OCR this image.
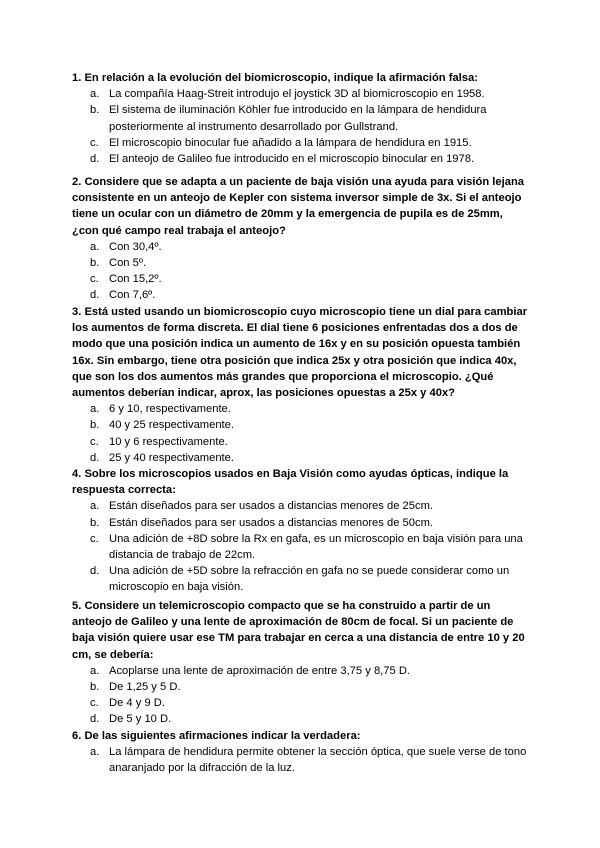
1. En relación a la evolución del biomicroscopio, indique la afirmación falsa:
a. La compañía Haag-Streit introdujo el joystick 3D al biomicroscopio en 1958.
b. El sistema de iluminación Köhler fue introducido en la lámpara de hendidura posteriormente al instrumento desarrollado por Gullstrand.
c. El microscopio binocular fue añadido a la lámpara de hendidura en 1915.
d. El anteojo de Galileo fue introducido en el microscopio binocular en 1978.
2. Considere que se adapta a un paciente de baja visión una ayuda para visión lejana consistente en un anteojo de Kepler con sistema inversor simple de 3x. Si el anteojo tiene un ocular con un diámetro de 20mm y la emergencia de pupila es de 25mm, ¿con qué campo real trabaja el anteojo?
a. Con 30,4º.
b. Con 5º.
c. Con 15,2º.
d. Con 7,6º.
3. Está usted usando un biomicroscopio cuyo microscopio tiene un dial para cambiar los aumentos de forma discreta. El dial tiene 6 posiciones enfrentadas dos a dos de modo que una posición indica un aumento de 16x y en su posición opuesta también 16x. Sin embargo, tiene otra posición que indica 25x y otra posición que indica 40x, que son los dos aumentos más grandes que proporciona el microscopio. ¿Qué aumentos deberían indicar, aprox, las posiciones opuestas a 25x y 40x?
a. 6 y 10, respectivamente.
b. 40 y 25 respectivamente.
c. 10 y 6 respectivamente.
d. 25 y 40 respectivamente.
4. Sobre los microscopios usados en Baja Visión como ayudas ópticas, indique la respuesta correcta:
a. Están diseñados para ser usados a distancias menores de 25cm.
b. Están diseñados para ser usados a distancias menores de 50cm.
c. Una adición de +8D sobre la Rx en gafa, es un microscopio en baja visión para una distancia de trabajo de 22cm.
d. Una adición de +5D sobre la refracción en gafa no se puede considerar como un microscopio en baja visión.
5. Considere un telemicroscopio compacto que se ha construido a partir de un anteojo de Galileo y una lente de aproximación de 80cm de focal. Si un paciente de baja visión quiere usar ese TM para trabajar en cerca a una distancia de entre 10 y 20 cm, se debería:
a. Acoplarse una lente de aproximación de entre 3,75 y 8,75 D.
b. De 1,25 y 5 D.
c. De 4 y 9 D.
d. De 5 y 10 D.
6. De las siguientes afirmaciones indicar la verdadera:
a. La lámpara de hendidura permite obtener la sección óptica, que suele verse de tono anaranjado por la difracción de la luz.
